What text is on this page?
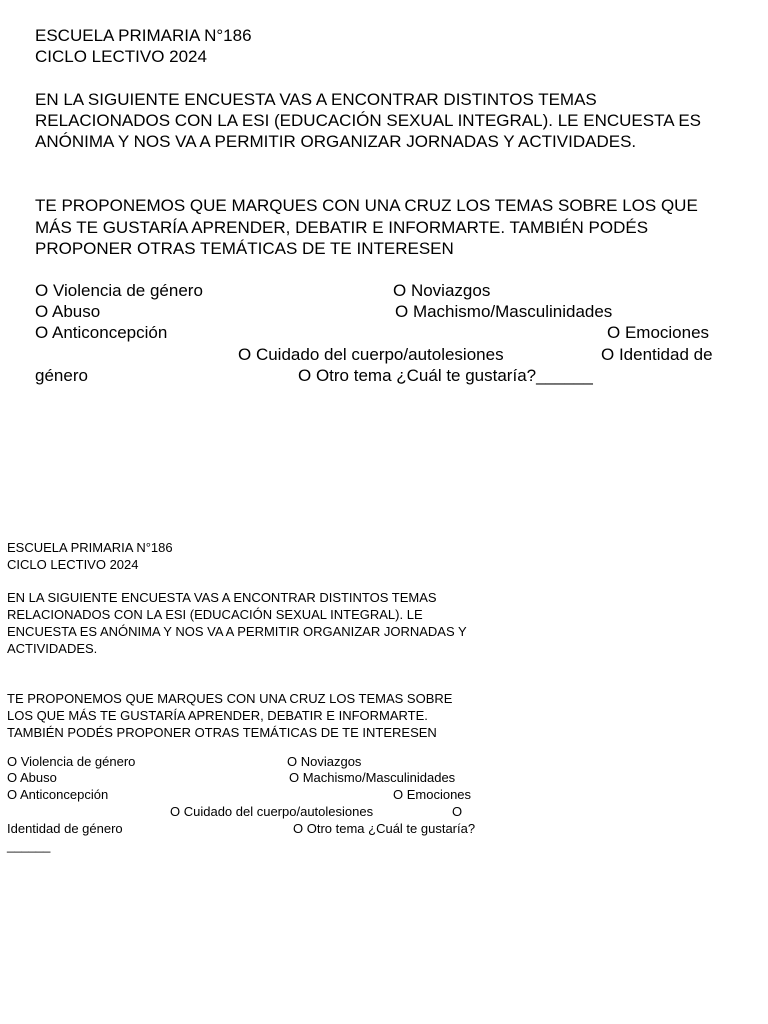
ESCUELA PRIMARIA N°186

CICLO LECTIVO 2024

EN LA SIGUIENTE ENCUESTA VAS A ENCONTRAR DISTINTOS TEMAS

RELACIONADOS CON LA ESI (EDUCACIÓN SEXUAL INTEGRAL). LE ENCUESTA ES

ANÓNIMA Y NOS VA A PERMITIR ORGANIZAR JORNADAS Y ACTIVIDADES.

TE PROPONEMOS QUE MARQUES CON UNA CRUZ LOS TEMAS SOBRE LOS QUE

MÁS TE GUSTARÍA APRENDER, DEBATIR E INFORMARTE. TAMBIÉN PODÉS

PROPONER OTRAS TEMÁTICAS DE TE INTERESEN

O Violencia de género	O Noviazgos
O Abuso	O Machismo/Masculinidades
O Anticoncepción	O Emociones
O Cuidado del cuerpo/autolesiones	O Identidad de
género	O Otro tema ¿Cuál te gustaría?______

ESCUELA PRIMARIA N°186

CICLO LECTIVO 2024

EN LA SIGUIENTE ENCUESTA VAS A ENCONTRAR DISTINTOS TEMAS

RELACIONADOS CON LA ESI (EDUCACIÓN SEXUAL INTEGRAL). LE

ENCUESTA ES ANÓNIMA Y NOS VA A PERMITIR ORGANIZAR JORNADAS Y

ACTIVIDADES.

TE PROPONEMOS QUE MARQUES CON UNA CRUZ LOS TEMAS SOBRE

LOS QUE MÁS TE GUSTARÍA APRENDER, DEBATIR E INFORMARTE.

TAMBIÉN PODÉS PROPONER OTRAS TEMÁTICAS DE TE INTERESEN

O Violencia de género	O Noviazgos
O Abuso	O Machismo/Masculinidades
O Anticoncepción	O Emociones
O Cuidado del cuerpo/autolesiones	O
Identidad de género	O Otro tema ¿Cuál te gustaría?
______
